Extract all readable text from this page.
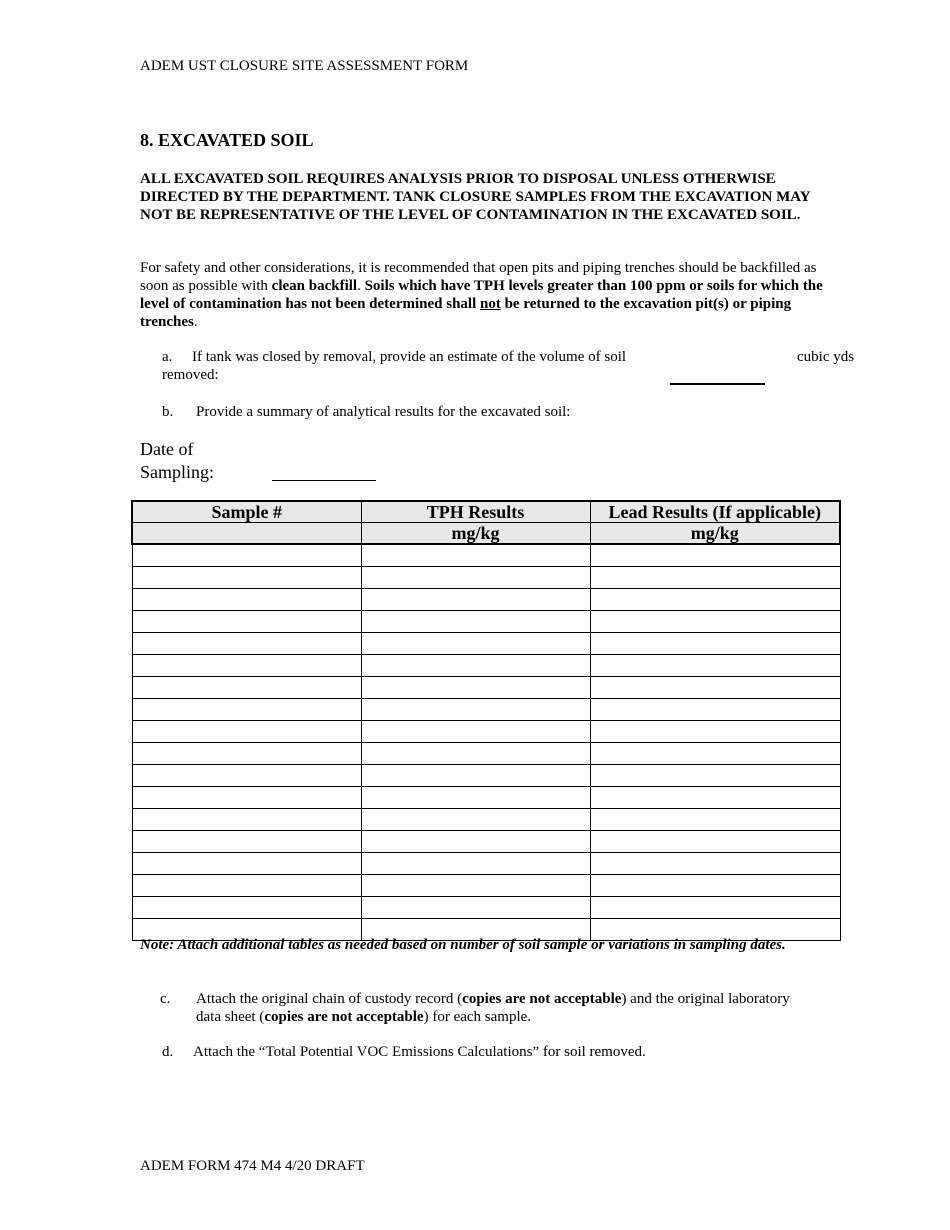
ADEM UST CLOSURE SITE ASSESSMENT FORM
8. EXCAVATED SOIL
ALL EXCAVATED SOIL REQUIRES ANALYSIS PRIOR TO DISPOSAL UNLESS OTHERWISE DIRECTED BY THE DEPARTMENT. TANK CLOSURE SAMPLES FROM THE EXCAVATION MAY NOT BE REPRESENTATIVE OF THE LEVEL OF CONTAMINATION IN THE EXCAVATED SOIL.
For safety and other considerations, it is recommended that open pits and piping trenches should be backfilled as soon as possible with clean backfill. Soils which have TPH levels greater than 100 ppm or soils for which the level of contamination has not been determined shall not be returned to the excavation pit(s) or piping trenches.
a. If tank was closed by removal, provide an estimate of the volume of soil removed:
cubic yds
b. Provide a summary of analytical results for the excavated soil:
Date of
Sampling:
Sample #	TPH Results	Lead Results (If applicable)
	mg/kg	mg/kg

Note: Attach additional tables as needed based on number of soil sample or variations in sampling dates.
c. Attach the original chain of custody record (copies are not acceptable) and the original laboratory data sheet (copies are not acceptable) for each sample.
d. Attach the “Total Potential VOC Emissions Calculations” for soil removed.
ADEM FORM 474 M4 4/20 DRAFT
